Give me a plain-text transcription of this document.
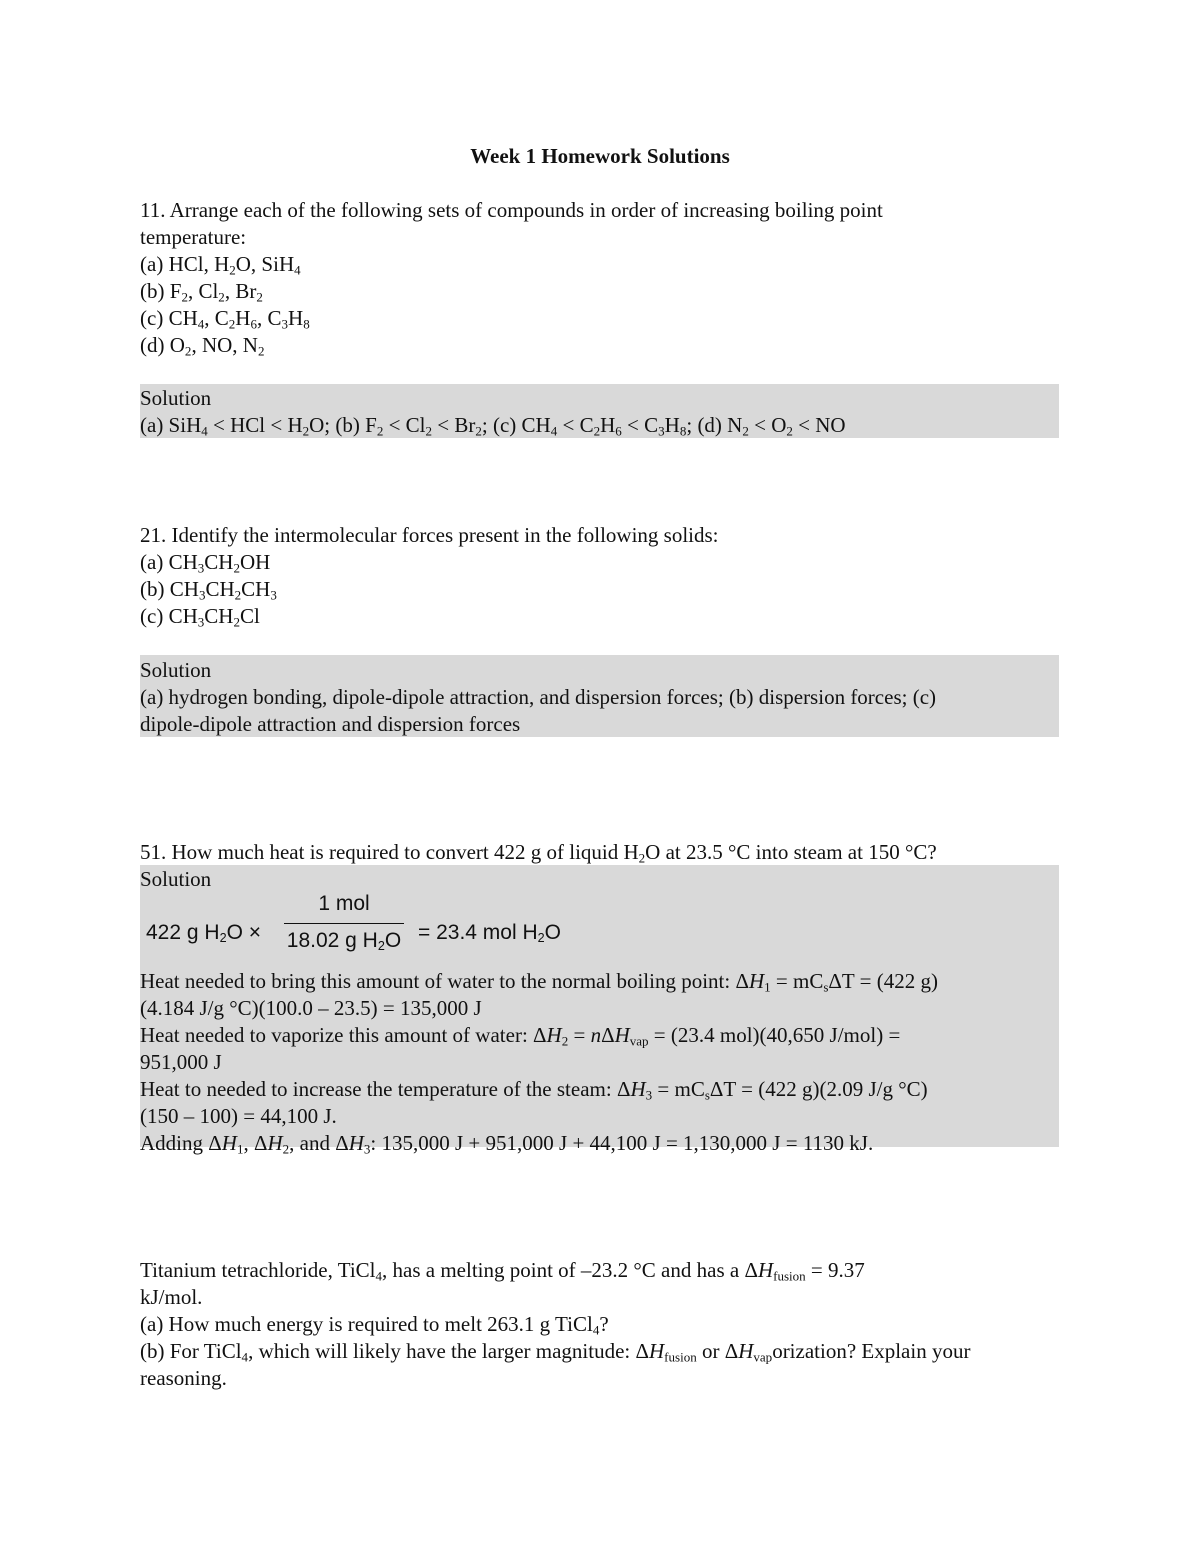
Week 1 Homework Solutions
11. Arrange each of the following sets of compounds in order of increasing boiling point
temperature:
(a) HCl, $H_2O$, SiH$_4$
(b) $F_2$, $Cl_2$, $Br_2$
(c) $CH_4$, $C_2H_6$, $C_3H_8$
(d) $O_2$, NO, $N_2$
Solution
(a) SiH$_4$ < HCl < $H_2O$; (b) $F_2 < Cl_2 < Br_2$; (c) $CH_4 < C_2H_6 < C_3H_8$; (d) $N_2 < O_2$ < NO
21. Identify the intermolecular forces present in the following solids:
(a) $CH_3CH_2OH$
(b) $CH_3CH_2CH_3$
(c) $CH_3CH_2Cl$
Solution
(a) hydrogen bonding, dipole-dipole attraction, and dispersion forces; (b) dispersion forces; (c)
dipole-dipole attraction and dispersion forces
51. How much heat is required to convert 422 g of liquid $H_2O$ at 23.5 °C into steam at 150 °C?
Solution
422 g $H_2O$ ×
1 mol
18.02 g $H_2O = 23.4$ mol $H_2O$
Heat needed to bring this amount of water to the normal boiling point: $\Delta H_1 = mC_s\Delta T = (422$ g)
(4.184 J/g °C)(100.0 – 23.5) = 135,000 J
Heat needed to vaporize this amount of water: $\Delta H_2 = n\Delta H_{vap} = (23.4$ mol)(40,650 J/mol) =
951,000 J
Heat to needed to increase the temperature of the steam: $\Delta H_3 = mC_s\Delta T = (422$ g)(2.09 J/g °C)
(150 – 100) = 44,100 J.
Adding $\Delta H_1$, $\Delta H_2$, and $\Delta H_3$: 135,000 J + 951,000 J + 44,100 J = 1,130,000 J = 1130 kJ.
Titanium tetrachloride, TiCl$_4$, has a melting point of –23.2 °C and has a $\Delta H_{fusion} = 9.37$
kJ/mol.
(a) How much energy is required to melt 263.1 g TiCl$_4$?
(b) For TiCl$_4$, which will likely have the larger magnitude: $\Delta H_{fusion}$ or $\Delta H_{vap}orization$? Explain your
reasoning.
